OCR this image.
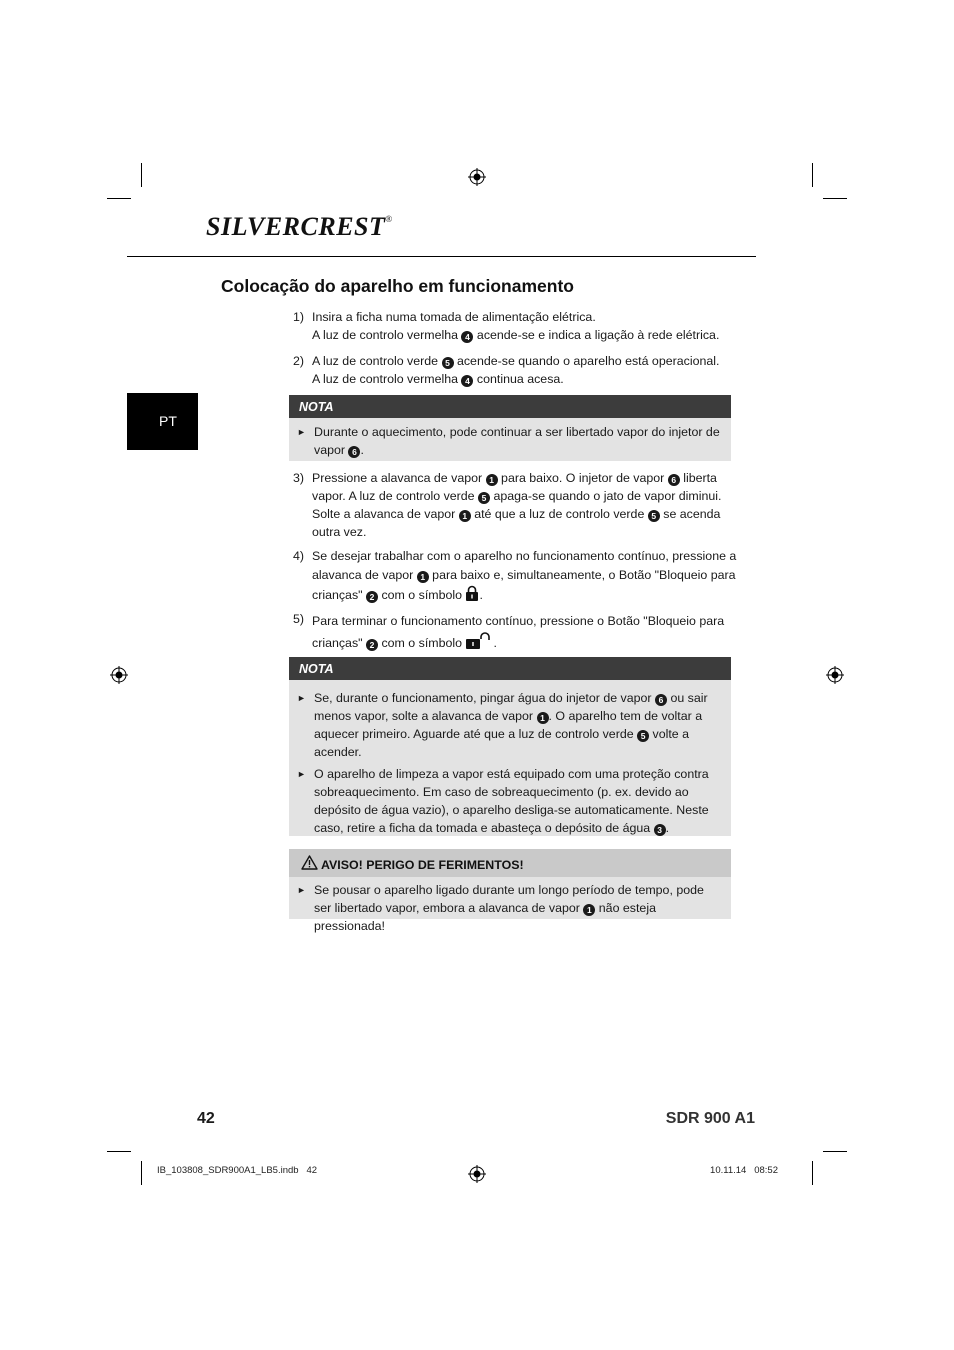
SILVERCREST®
Colocação do aparelho em funcionamento
PT
1) Insira a ficha numa tomada de alimentação elétrica.

A luz de controlo vermelha 4 acende-se e indica a ligação à rede elétrica.

2) A luz de controlo verde 5 acende-se quando o aparelho está operacional.

A luz de controlo vermelha 4 continua acesa.

NOTA
► Durante o aquecimento, pode continuar a ser libertado vapor do injetor de vapor 6 .
3) Pressione a alavanca de vapor 1 para baixo. O injetor de vapor 6 liberta vapor. A luz de controlo verde 5 apaga-se quando o jato de vapor diminui. Solte a alavanca de vapor 1 até que a luz de controlo verde 5 se acenda outra vez.
4) Se desejar trabalhar com o aparelho no funcionamento contínuo, pressione a alavanca de vapor 1 para baixo e, simultaneamente, o Botão "Bloqueio para crianças" 2 com o símbolo .
5) Para terminar o funcionamento contínuo, pressione o Botão "Bloqueio para crianças" 2 com o símbolo	.
NOTA
► Se, durante o funcionamento, pingar água do injetor de vapor 6 ou sair menos vapor, solte a alavanca de vapor 1 . O aparelho tem de voltar a aquecer primeiro. Aguarde até que a luz de controlo verde 5 volte a acender.
► O aparelho de limpeza a vapor está equipado com uma proteção contra sobreaquecimento. Em caso de sobreaquecimento (p. ex. devido ao depósito de água vazio), o aparelho desliga-se automaticamente. Neste caso, retire a ficha da tomada e abasteça o depósito de água 3 .
AVISO! PERIGO DE FERIMENTOS!
► Se pousar o aparelho ligado durante um longo período de tempo, pode ser libertado vapor, embora a alavanca de vapor 1 não esteja pressionada!
42	SDR 900 A1
IB_103808_SDR900A1_LB5.indb   42	10.11.14   08:52
